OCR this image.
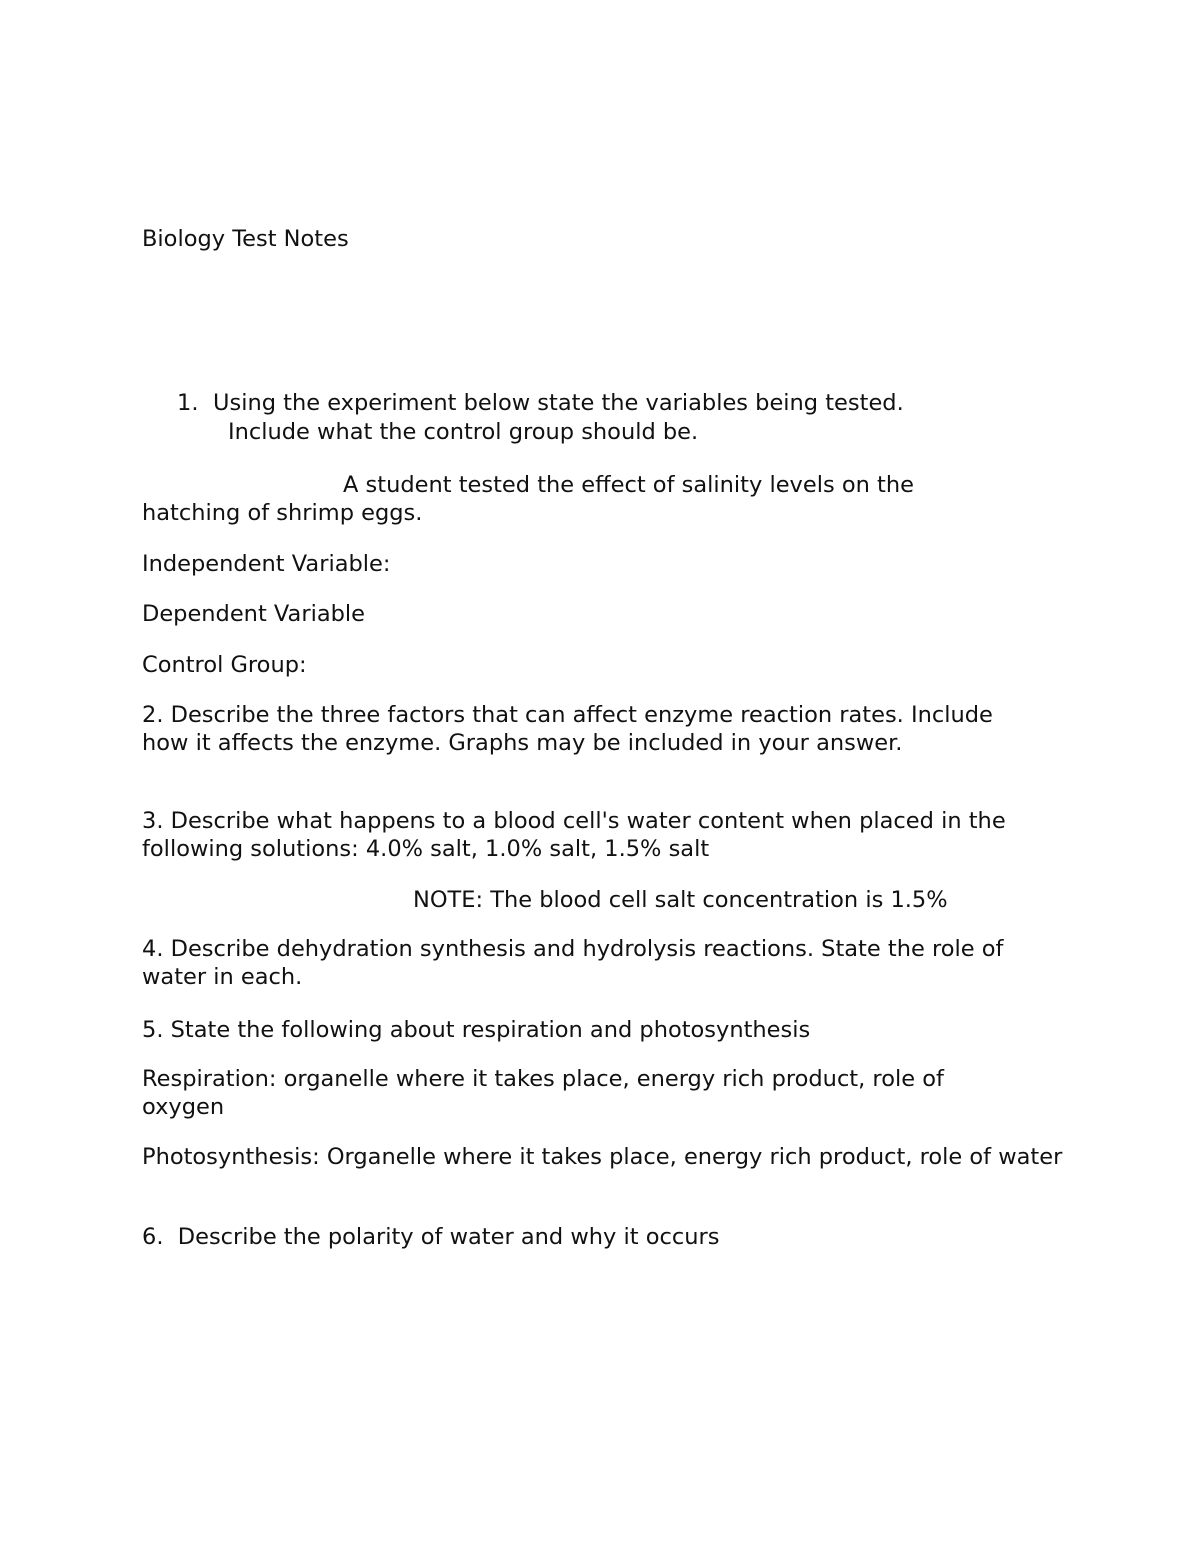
Biology Test Notes

1. Using the experiment below state the variables being tested.

Include what the control group should be.

A student tested the effect of salinity levels on the

hatching of shrimp eggs.

Independent Variable:

Dependent Variable

Control Group:

2. Describe the three factors that can affect enzyme reaction rates. Include how it affects the enzyme. Graphs may be included in your answer.

3. Describe what happens to a blood cell's water content when placed in the following solutions: 4.0% salt, 1.0% salt, 1.5% salt

NOTE: The blood cell salt concentration is 1.5%

4. Describe dehydration synthesis and hydrolysis reactions. State the role of water in each.

5. State the following about respiration and photosynthesis

Respiration: organelle where it takes place, energy rich product, role of oxygen

Photosynthesis: Organelle where it takes place, energy rich product, role of water

6.  Describe the polarity of water and why it occurs
